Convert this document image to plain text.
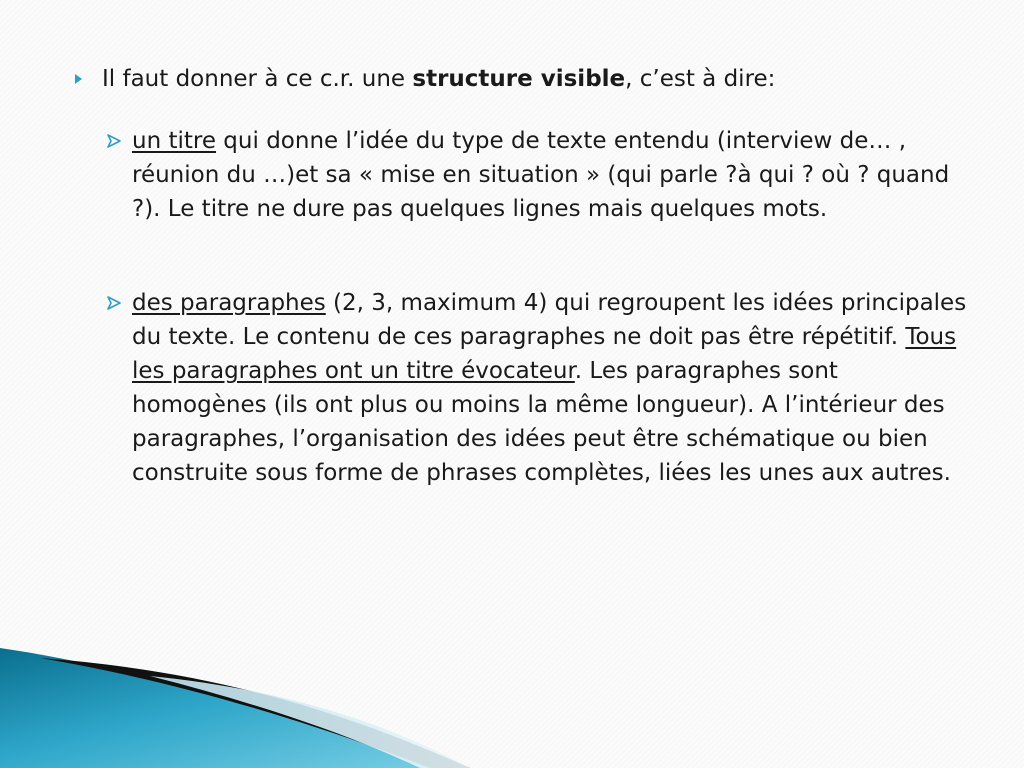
Il faut donner à ce c.r. une structure visible, c’est à dire:
un titre qui donne l’idée du type de texte entendu (interview de… , réunion du …)et sa « mise en situation » (qui parle ?à qui ? où ? quand ?). Le titre ne dure pas quelques lignes mais quelques mots.
des paragraphes (2, 3, maximum 4) qui regroupent les idées principales du texte. Le contenu de ces paragraphes ne doit pas être répétitif. Tous les paragraphes ont un titre évocateur. Les paragraphes sont homogènes (ils ont plus ou moins la même longueur). A l’intérieur des paragraphes, l’organisation des idées peut être schématique ou bien construite sous forme de phrases complètes, liées les unes aux autres.
